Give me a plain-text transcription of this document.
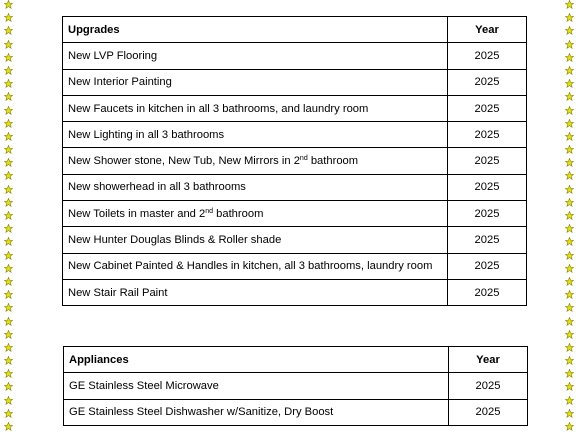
Upgrades	Year
New LVP Flooring	2025
New Interior Painting	2025
New Faucets in kitchen in all 3 bathrooms, and laundry room	2025
New Lighting in all 3 bathrooms	2025
New Shower stone, New Tub, New Mirrors in 2nd bathroom	2025
New showerhead in all 3 bathrooms	2025
New Toilets in master and 2nd bathroom	2025
New Hunter Douglas Blinds & Roller shade	2025
New Cabinet Painted & Handles in kitchen, all 3 bathrooms, laundry room	2025
New Stair Rail Paint	2025
Appliances	Year
GE Stainless Steel Microwave	2025
GE Stainless Steel Dishwasher w/Sanitize, Dry Boost	2025
